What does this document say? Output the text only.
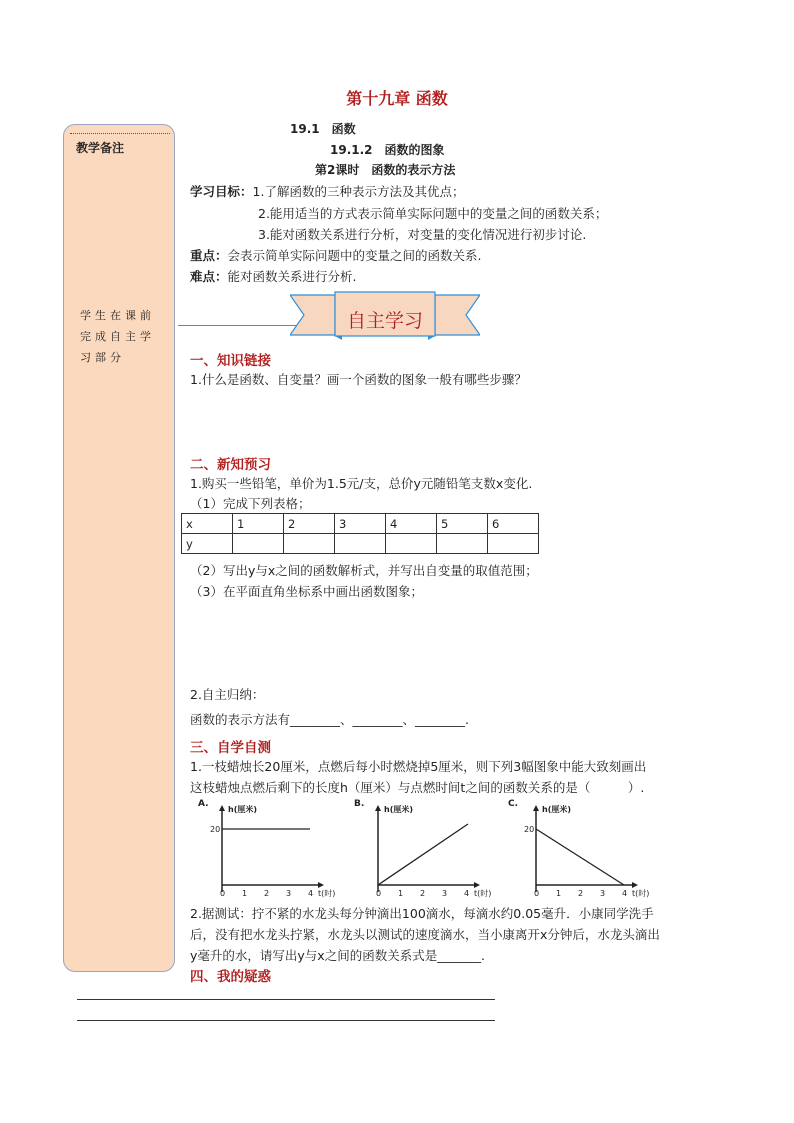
第十九章 函数
教学备注
学生在课前完成自主学习部分
19.1　函数
19.1.2　函数的图象
第2课时　函数的表示方法
学习目标：1.了解函数的三种表示方法及其优点；
2.能用适当的方式表示简单实际问题中的变量之间的函数关系；
3.能对函数关系进行分析，对变量的变化情况进行初步讨论.
重点：会表示简单实际问题中的变量之间的函数关系.
难点：能对函数关系进行分析.
自主学习
一、知识链接
1.什么是函数、自变量？画一个函数的图象一般有哪些步骤？
二、新知预习
1.购买一些铅笔，单价为1.5元/支，总价y元随铅笔支数x变化.
（1）完成下列表格；
x	1	2	3	4	5	6
y						
（2）写出y与x之间的函数解析式，并写出自变量的取值范围；
（3）在平面直角坐标系中画出函数图象；
2.自主归纳：
函数的表示方法有________、________、________.
三、自学自测
1.一枝蜡烛长20厘米，点燃后每小时燃烧掉5厘米，则下列3幅图象中能大致刻画出
这枝蜡烛点燃后剩下的长度h（厘米）与点燃时间t之间的函数关系的是（　　　）.
A.
h(厘米)
20
0 1 2 3 4 t(时)
B.
h(厘米)
0 1 2 3 4 t(时)
C.
h(厘米)
20
0 1 2 3 4 t(时)
2.据测试：拧不紧的水龙头每分钟滴出100滴水，每滴水约0.05毫升．小康同学洗手
后，没有把水龙头拧紧，水龙头以测试的速度滴水，当小康离开x分钟后，水龙头滴出
y毫升的水，请写出y与x之间的函数关系式是_______.
四、我的疑惑
